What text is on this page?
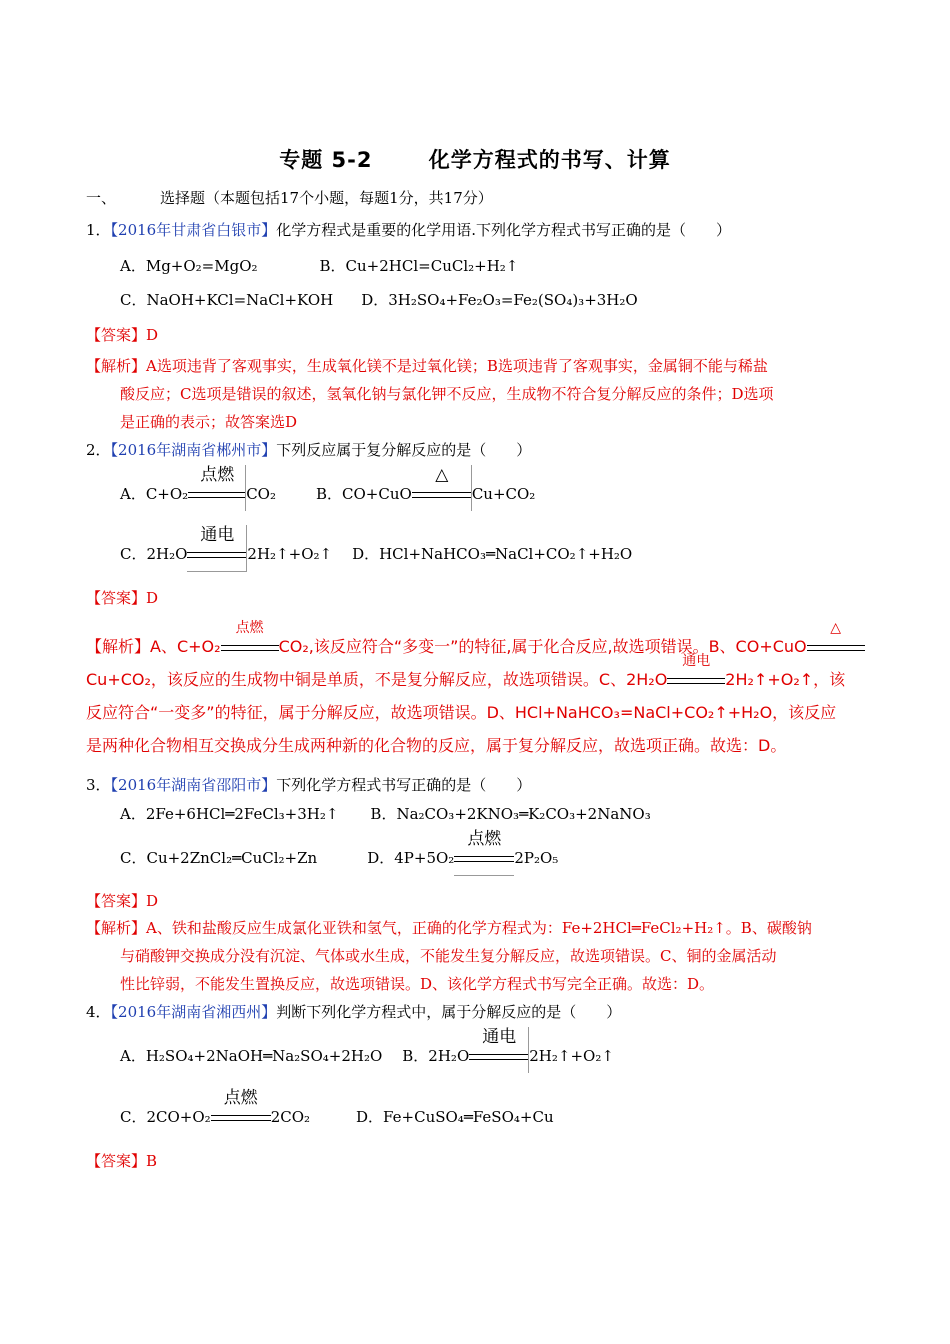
专题 5-2	化学方程式的书写、计算
一、	选择题（本题包括17个小题，每题1分，共17分）
1．【2016年甘肃省白银市】化学方程式是重要的化学用语.下列化学方程式书写正确的是（　　）
A．Mg+O₂=MgO₂	B．Cu+2HCl=CuCl₂+H₂↑
C．NaOH+KCl=NaCl+KOH D．3H₂SO₄+Fe₂O₃=Fe₂(SO₄)₃+3H₂O
【答案】D
【解析】A选项违背了客观事实，生成氧化镁不是过氧化镁；B选项违背了客观事实，金属铜不能与稀盐
酸反应；C选项是错误的叙述，氢氧化钠与氯化钾不反应，生成物不符合复分解反应的条件；D选项
是正确的表示；故答案选D
2．【2016年湖南省郴州市】下列反应属于复分解反应的是（　　）
A．C+O₂
点燃
CO₂	B．CO+CuO
△
Cu+CO₂
C．2H₂O
通电
2H₂↑+O₂↑ D．HCl+NaHCO₃═NaCl+CO₂↑+H₂O
【答案】D
【解析】A、C+O₂
点燃
CO₂,该反应符合“多变一”的特征,属于化合反应,故选项错误。B、CO+CuO
△
Cu+CO₂，该反应的生成物中铜是单质，不是复分解反应，故选项错误。C、2H₂O
通电
2H₂↑+O₂↑，该
反应符合“一变多”的特征，属于分解反应，故选项错误。D、HCl+NaHCO₃=NaCl+CO₂↑+H₂O，该反应
是两种化合物相互交换成分生成两种新的化合物的反应，属于复分解反应，故选项正确。故选：D。
3．【2016年湖南省邵阳市】下列化学方程式书写正确的是（　　）
A．2Fe+6HCl═2FeCl₃+3H₂↑ B．Na₂CO₃+2KNO₃═K₂CO₃+2NaNO₃
C．Cu+2ZnCl₂═CuCl₂+Zn	D．4P+5O₂
点燃
2P₂O₅
【答案】D
【解析】A、铁和盐酸反应生成氯化亚铁和氢气，正确的化学方程式为：Fe+2HCl═FeCl₂+H₂↑。B、碳酸钠
与硝酸钾交换成分没有沉淀、气体或水生成，不能发生复分解反应，故选项错误。C、铜的金属活动
性比锌弱，不能发生置换反应，故选项错误。D、该化学方程式书写完全正确。故选：D。
4．【2016年湖南省湘西州】判断下列化学方程式中，属于分解反应的是（　　）
A．H₂SO₄+2NaOH═Na₂SO₄+2H₂O B．2H₂O
通电
2H₂↑+O₂↑
C．2CO+O₂
点燃
2CO₂	D．Fe+CuSO₄═FeSO₄+Cu
【答案】B
